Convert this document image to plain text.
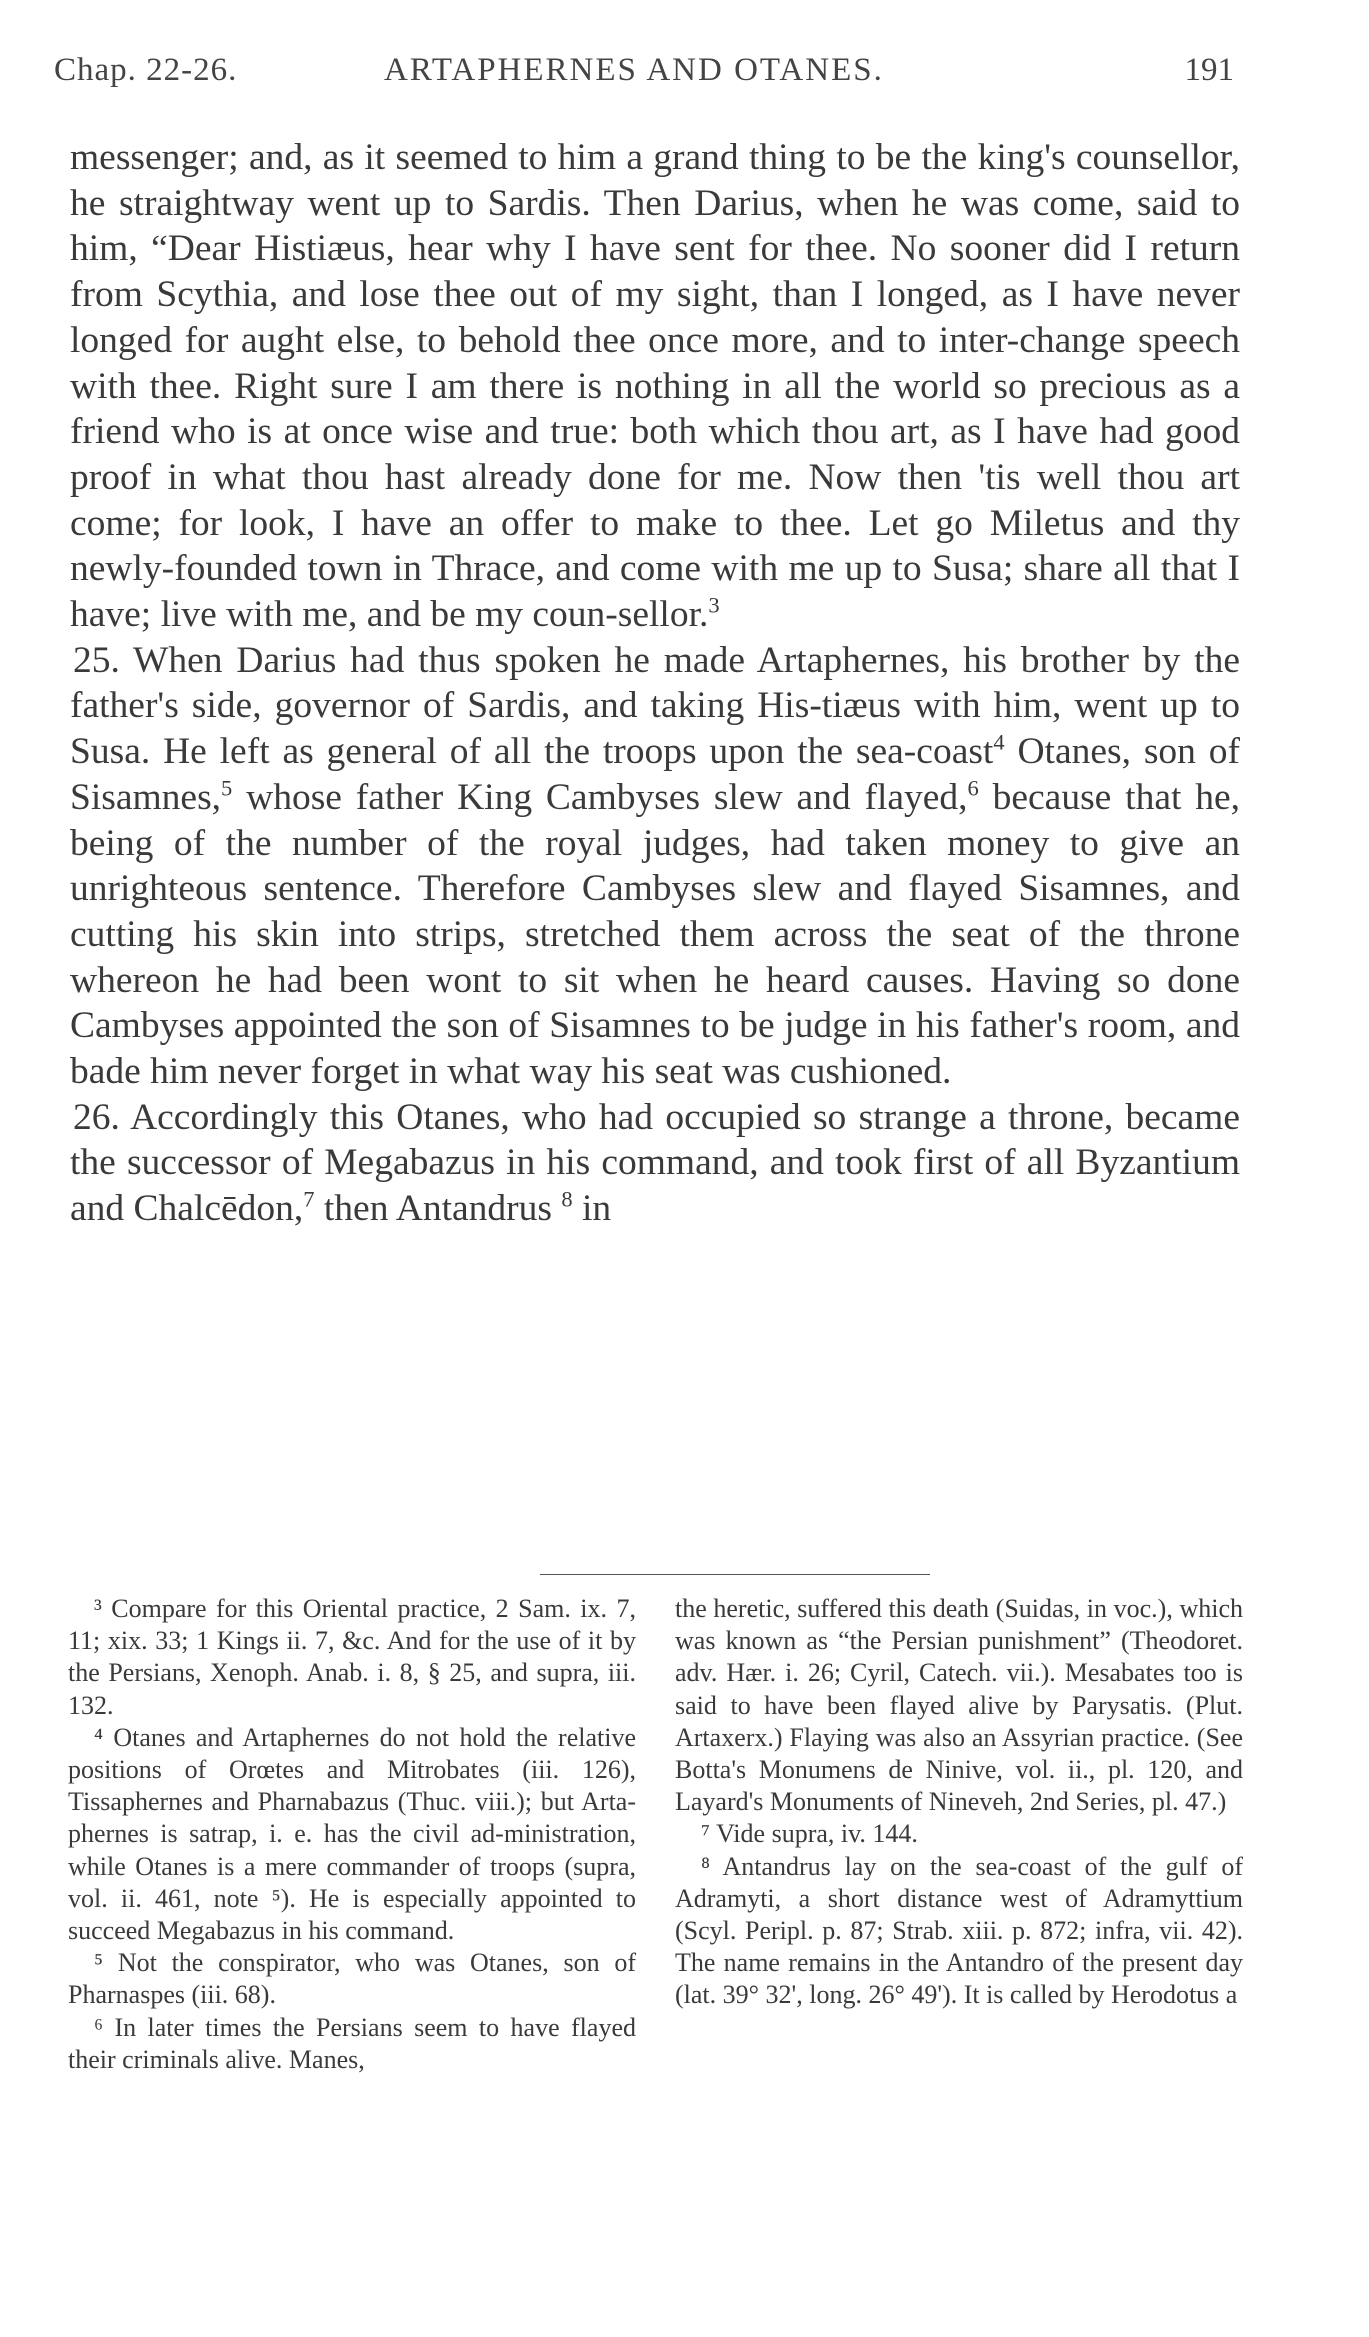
Chap. 22-26.	ARTAPHERNES AND OTANES.	191

messenger; and, as it seemed to him a grand thing to be the king's counsellor, he straightway went up to Sardis. Then Darius, when he was come, said to him, “Dear Histiæus, hear why I have sent for thee. No sooner did I return from Scythia, and lose thee out of my sight, than I longed, as I have never longed for aught else, to behold thee once more, and to inter-change speech with thee. Right sure I am there is nothing in all the world so precious as a friend who is at once wise and true: both which thou art, as I have had good proof in what thou hast already done for me. Now then 'tis well thou art come; for look, I have an offer to make to thee. Let go Miletus and thy newly-founded town in Thrace, and come with me up to Susa; share all that I have; live with me, and be my coun-sellor.$^3$

25. When Darius had thus spoken he made Artaphernes, his brother by the father's side, governor of Sardis, and taking His-tiæus with him, went up to Susa. He left as general of all the troops upon the sea-coast$^4$ Otanes, son of Sisamnes,$^5$ whose father King Cambyses slew and flayed,$^6$ because that he, being of the number of the royal judges, had taken money to give an unrighteous sentence. Therefore Cambyses slew and flayed Sisamnes, and cutting his skin into strips, stretched them across the seat of the throne whereon he had been wont to sit when he heard causes. Having so done Cambyses appointed the son of Sisamnes to be judge in his father's room, and bade him never forget in what way his seat was cushioned.

26. Accordingly this Otanes, who had occupied so strange a throne, became the successor of Megabazus in his command, and took first of all Byzantium and Chalcēdon,$^7$ then Antandrus $^8$ in

³ Compare for this Oriental practice, 2 Sam. ix. 7, 11; xix. 33; 1 Kings ii. 7, &c. And for the use of it by the Persians, Xenoph. Anab. i. 8, § 25, and supra, iii. 132.

⁴ Otanes and Artaphernes do not hold the relative positions of Orœtes and Mitrobates (iii. 126), Tissaphernes and Pharnabazus (Thuc. viii.); but Arta-phernes is satrap, i. e. has the civil ad-ministration, while Otanes is a mere commander of troops (supra, vol. ii. 461, note ⁵). He is especially appointed to succeed Megabazus in his command.

⁵ Not the conspirator, who was Otanes, son of Pharnaspes (iii. 68).

⁶ In later times the Persians seem to have flayed their criminals alive. Manes,

the heretic, suffered this death (Suidas, in voc.), which was known as “the Persian punishment” (Theodoret. adv. Hær. i. 26; Cyril, Catech. vii.). Mesabates too is said to have been flayed alive by Parysatis. (Plut. Artaxerx.) Flaying was also an Assyrian practice. (See Botta's Monumens de Ninive, vol. ii., pl. 120, and Layard's Monuments of Nineveh, 2nd Series, pl. 47.)

⁷ Vide supra, iv. 144.

⁸ Antandrus lay on the sea-coast of the gulf of Adramyti, a short distance west of Adramyttium (Scyl. Peripl. p. 87; Strab. xiii. p. 872; infra, vii. 42). The name remains in the Antandro of the present day (lat. 39° 32', long. 26° 49'). It is called by Herodotus a
